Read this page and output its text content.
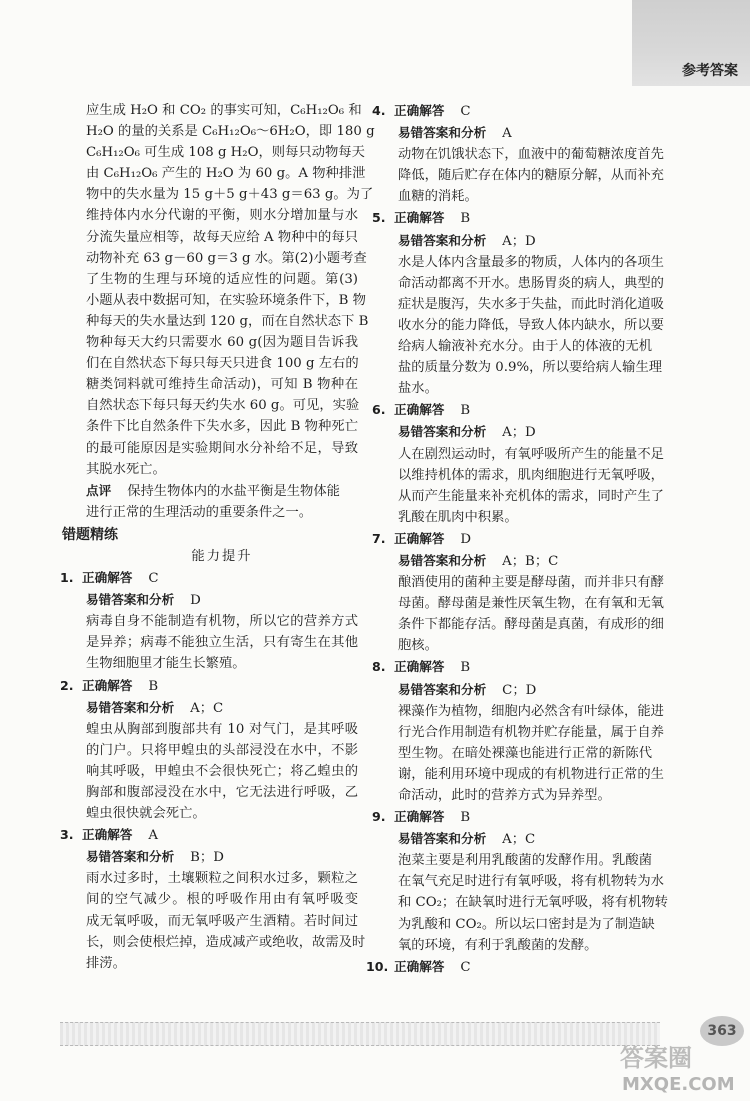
参考答案
应生成 H₂O 和 CO₂ 的事实可知，C₆H₁₂O₆ 和
H₂O 的量的关系是 C₆H₁₂O₆～6H₂O，即 180 g
C₆H₁₂O₆ 可生成 108 g H₂O，则每只动物每天
由 C₆H₁₂O₆ 产生的 H₂O 为 60 g。A 物种排泄
物中的失水量为 15 g＋5 g＋43 g＝63 g。为了
维持体内水分代谢的平衡，则水分增加量与水
分流失量应相等，故每天应给 A 物种中的每只
动物补充 63 g－60 g＝3 g 水。第(2)小题考查
了生物的生理与环境的适应性的问题。第(3)
小题从表中数据可知，在实验环境条件下，B 物
种每天的失水量达到 120 g，而在自然状态下 B
物种每天大约只需要水 60 g(因为题目告诉我
们在自然状态下每只每天只进食 100 g 左右的
糖类饲料就可维持生命活动)，可知 B 物种在
自然状态下每只每天约失水 60 g。可见，实验
条件下比自然条件下失水多，因此 B 物种死亡
的最可能原因是实验期间水分补给不足，导致
其脱水死亡。
点评 保持生物体内的水盐平衡是生物体能
进行正常的生理活动的重要条件之一。
错题精练
能力提升
1. 正确解答 C
易错答案和分析 D
病毒自身不能制造有机物，所以它的营养方式
是异养；病毒不能独立生活，只有寄生在其他
生物细胞里才能生长繁殖。
2. 正确解答 B
易错答案和分析 A；C
蝗虫从胸部到腹部共有 10 对气门，是其呼吸
的门户。只将甲蝗虫的头部浸没在水中，不影
响其呼吸，甲蝗虫不会很快死亡；将乙蝗虫的
胸部和腹部浸没在水中，它无法进行呼吸，乙
蝗虫很快就会死亡。
3. 正确解答 A
易错答案和分析 B；D
雨水过多时，土壤颗粒之间积水过多，颗粒之
间的空气减少。根的呼吸作用由有氧呼吸变
成无氧呼吸，而无氧呼吸产生酒精。若时间过
长，则会使根烂掉，造成减产或绝收，故需及时
排涝。
4. 正确解答 C
易错答案和分析 A
动物在饥饿状态下，血液中的葡萄糖浓度首先
降低，随后贮存在体内的糖原分解，从而补充
血糖的消耗。
5. 正确解答 B
易错答案和分析 A；D
水是人体内含量最多的物质，人体内的各项生
命活动都离不开水。患肠胃炎的病人，典型的
症状是腹泻，失水多于失盐，而此时消化道吸
收水分的能力降低，导致人体内缺水，所以要
给病人输液补充水分。由于人的体液的无机
盐的质量分数为 0.9%，所以要给病人输生理
盐水。
6. 正确解答 B
易错答案和分析 A；D
人在剧烈运动时，有氧呼吸所产生的能量不足
以维持机体的需求，肌肉细胞进行无氧呼吸，
从而产生能量来补充机体的需求，同时产生了
乳酸在肌肉中积累。
7. 正确解答 D
易错答案和分析 A；B；C
酿酒使用的菌种主要是酵母菌，而并非只有酵
母菌。酵母菌是兼性厌氧生物，在有氧和无氧
条件下都能存活。酵母菌是真菌，有成形的细
胞核。
8. 正确解答 B
易错答案和分析 C；D
裸藻作为植物，细胞内必然含有叶绿体，能进
行光合作用制造有机物并贮存能量，属于自养
型生物。在暗处裸藻也能进行正常的新陈代
谢，能利用环境中现成的有机物进行正常的生
命活动，此时的营养方式为异养型。
9. 正确解答 B
易错答案和分析 A；C
泡菜主要是利用乳酸菌的发酵作用。乳酸菌
在氧气充足时进行有氧呼吸，将有机物转为水
和 CO₂；在缺氧时进行无氧呼吸，将有机物转
为乳酸和 CO₂。所以坛口密封是为了制造缺
氧的环境，有利于乳酸菌的发酵。
10. 正确解答 C
363
答案圈
MXQE.COM
